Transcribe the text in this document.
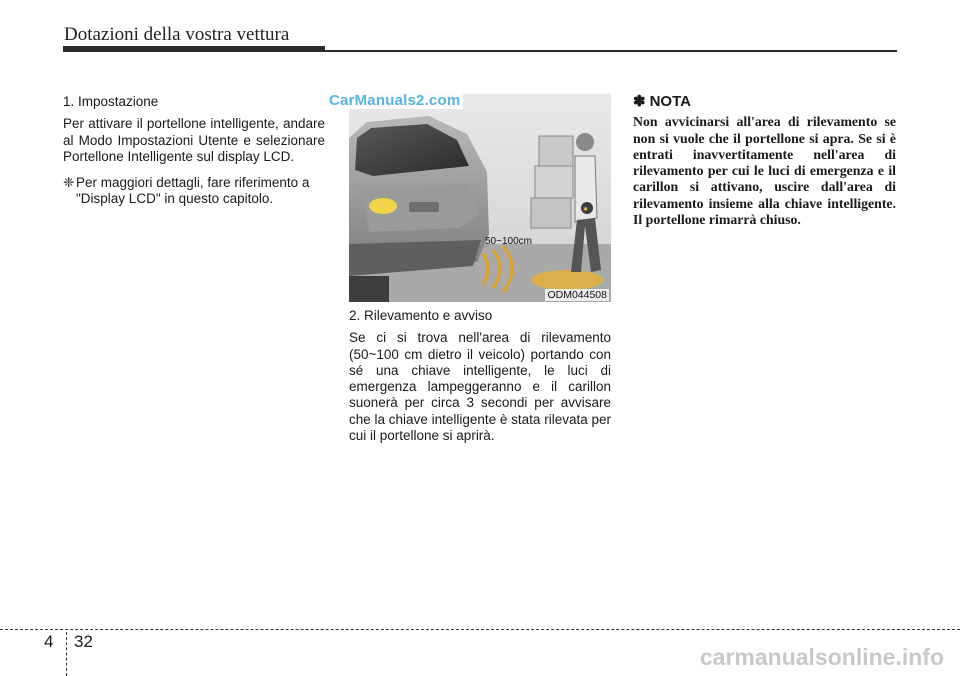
Dotazioni della vostra vettura

1. Impostazione

Per attivare il portellone intelligente, andare al Modo Impostazioni Utente e selezionare Portellone Intelligente sul display LCD.

❈ Per maggiori dettagli, fare riferimento a "Display LCD" in questo capitolo.
✱
50~100cm
ODM044508
CarManuals2.com

2. Rilevamento e avviso

Se ci si trova nell'area di rilevamento (50~100 cm dietro il veicolo) portando con sé una chiave intelligente, le luci di emergenza lampeggeranno e il carillon suonerà per circa 3 secondi per avvisare che la chiave intelligente è stata rilevata per cui il portellone si aprirà.

✽ NOTA

Non avvicinarsi all'area di rilevamento se non si vuole che il portellone si apra. Se si è entrati inavvertitamente nell'area di rilevamento per cui le luci di emergenza e il carillon si attivano, uscire dall'area di rilevamento insieme alla chiave intelligente. Il portellone rimarrà chiuso.

4 32
carmanualsonline.info
